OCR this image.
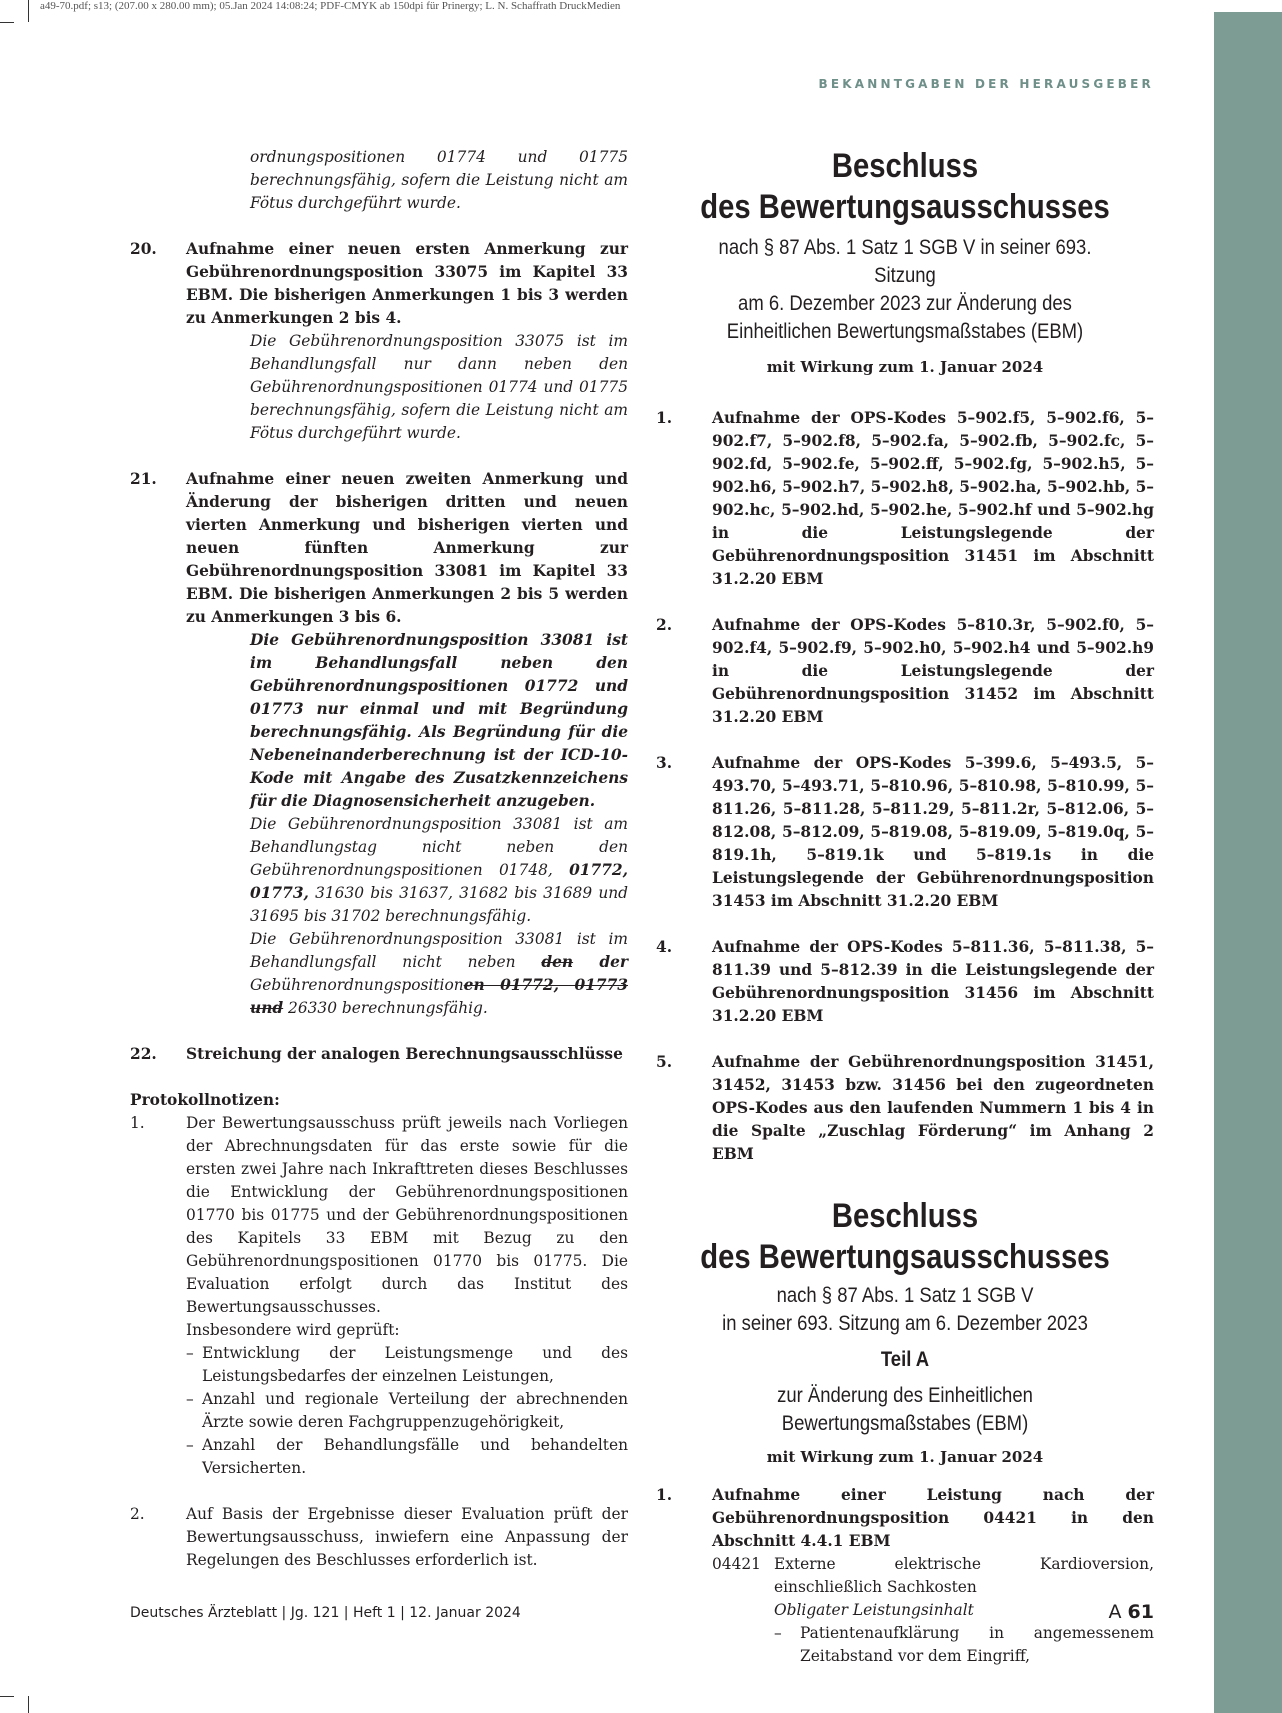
a49-70.pdf; s13; (207.00 x 280.00 mm); 05.Jan 2024 14:08:24; PDF-CMYK ab 150dpi für Prinergy; L. N. Schaffrath DruckMedien
BEKANNTGABEN DER HERAUSGEBER
ordnungspositionen 01774 und 01775 berechnungsfähig, sofern die Leistung nicht am Fötus durchgeführt wurde.
20.	Aufnahme einer neuen ersten Anmerkung zur Gebührenordnungsposition 33075 im Kapitel 33 EBM. Die bisherigen Anmerkungen 1 bis 3 werden zu Anmerkungen 2 bis 4.
Die Gebührenordnungsposition 33075 ist im Behandlungsfall nur dann neben den Gebührenordnungspositionen 01774 und 01775 berechnungsfähig, sofern die Leistung nicht am Fötus durchgeführt wurde.
21.	Aufnahme einer neuen zweiten Anmerkung und Änderung der bisherigen dritten und neuen vierten Anmerkung und bisherigen vierten und neuen fünften Anmerkung zur Gebührenordnungsposition 33081 im Kapitel 33 EBM. Die bisherigen Anmerkungen 2 bis 5 werden zu Anmerkungen 3 bis 6.
Die Gebührenordnungsposition 33081 ist im Behandlungsfall neben den Gebührenordnungspositionen 01772 und 01773 nur einmal und mit Begründung berechnungsfähig. Als Begründung für die Nebeneinanderberechnung ist der ICD-10-Kode mit Angabe des Zusatzkennzeichens für die Diagnosensicherheit anzugeben.
Die Gebührenordnungsposition 33081 ist am Behandlungstag nicht neben den Gebührenordnungspositionen 01748, 01772, 01773, 31630 bis 31637, 31682 bis 31689 und 31695 bis 31702 berechnungsfähig.
Die Gebührenordnungsposition 33081 ist im Behandlungsfall nicht neben den der Gebührenordnungspositionen 01772, 01773 und 26330 berechnungsfähig.
22.	Streichung der analogen Berechnungsausschlüsse
Protokollnotizen:
1.	Der Bewertungsausschuss prüft jeweils nach Vorliegen der Abrechnungsdaten für das erste sowie für die ersten zwei Jahre nach Inkrafttreten dieses Beschlusses die Entwicklung der Gebührenordnungspositionen 01770 bis 01775 und der Gebührenordnungspositionen des Kapitels 33 EBM mit Bezug zu den Gebührenordnungspositionen 01770 bis 01775. Die Evaluation erfolgt durch das Institut des Bewertungsausschusses.
Insbesondere wird geprüft:
– Entwicklung der Leistungsmenge und des Leistungsbedarfes der einzelnen Leistungen,
– Anzahl und regionale Verteilung der abrechnenden Ärzte sowie deren Fachgruppenzugehörigkeit,
– Anzahl der Behandlungsfälle und behandelten Versicherten.
2.	Auf Basis der Ergebnisse dieser Evaluation prüft der Bewertungsausschuss, inwiefern eine Anpassung der Regelungen des Beschlusses erforderlich ist.
Beschluss
des Bewertungsausschusses
nach § 87 Abs. 1 Satz 1 SGB V in seiner 693. Sitzung
am 6. Dezember 2023 zur Änderung des
Einheitlichen Bewertungsmaßstabes (EBM)
mit Wirkung zum 1. Januar 2024
1.	Aufnahme der OPS-Kodes 5–902.f5, 5–902.f6, 5–902.f7, 5–902.f8, 5–902.fa, 5–902.fb, 5–902.fc, 5–902.fd, 5–902.fe, 5–902.ff, 5–902.fg, 5–902.h5, 5–902.h6, 5–902.h7, 5–902.h8, 5–902.ha, 5–902.hb, 5–902.hc, 5–902.hd, 5–902.he, 5–902.hf und 5–902.hg in die Leistungslegende der Gebührenordnungsposition 31451 im Abschnitt 31.2.20 EBM
2.	Aufnahme der OPS-Kodes 5–810.3r, 5–902.f0, 5–902.f4, 5–902.f9, 5–902.h0, 5–902.h4 und 5–902.h9 in die Leistungslegende der Gebührenordnungsposition 31452 im Abschnitt 31.2.20 EBM
3.	Aufnahme der OPS-Kodes 5–399.6, 5–493.5, 5–493.70, 5–493.71, 5–810.96, 5–810.98, 5–810.99, 5–811.26, 5–811.28, 5–811.29, 5–811.2r, 5–812.06, 5–812.08, 5–812.09, 5–819.08, 5–819.09, 5–819.0q, 5–819.1h, 5–819.1k und 5–819.1s in die Leistungslegende der Gebührenordnungsposition 31453 im Abschnitt 31.2.20 EBM
4.	Aufnahme der OPS-Kodes 5–811.36, 5–811.38, 5–811.39 und 5–812.39 in die Leistungslegende der Gebührenordnungsposition 31456 im Abschnitt 31.2.20 EBM
5.	Aufnahme der Gebührenordnungsposition 31451, 31452, 31453 bzw. 31456 bei den zugeordneten OPS-Kodes aus den laufenden Nummern 1 bis 4 in die Spalte „Zuschlag Förderung“ im Anhang 2 EBM
Beschluss
des Bewertungsausschusses
nach § 87 Abs. 1 Satz 1 SGB V
in seiner 693. Sitzung am 6. Dezember 2023
Teil A
zur Änderung des Einheitlichen
Bewertungsmaßstabes (EBM)
mit Wirkung zum 1. Januar 2024
1.	Aufnahme einer Leistung nach der Gebührenordnungsposition 04421 in den Abschnitt 4.4.1 EBM
04421 Externe elektrische Kardioversion, einschließlich Sachkosten
Obligater Leistungsinhalt
–	Patientenaufklärung in angemessenem Zeitabstand vor dem Eingriff,
Deutsches Ärzteblatt | Jg. 121 | Heft 1 | 12. Januar 2024	A 61
